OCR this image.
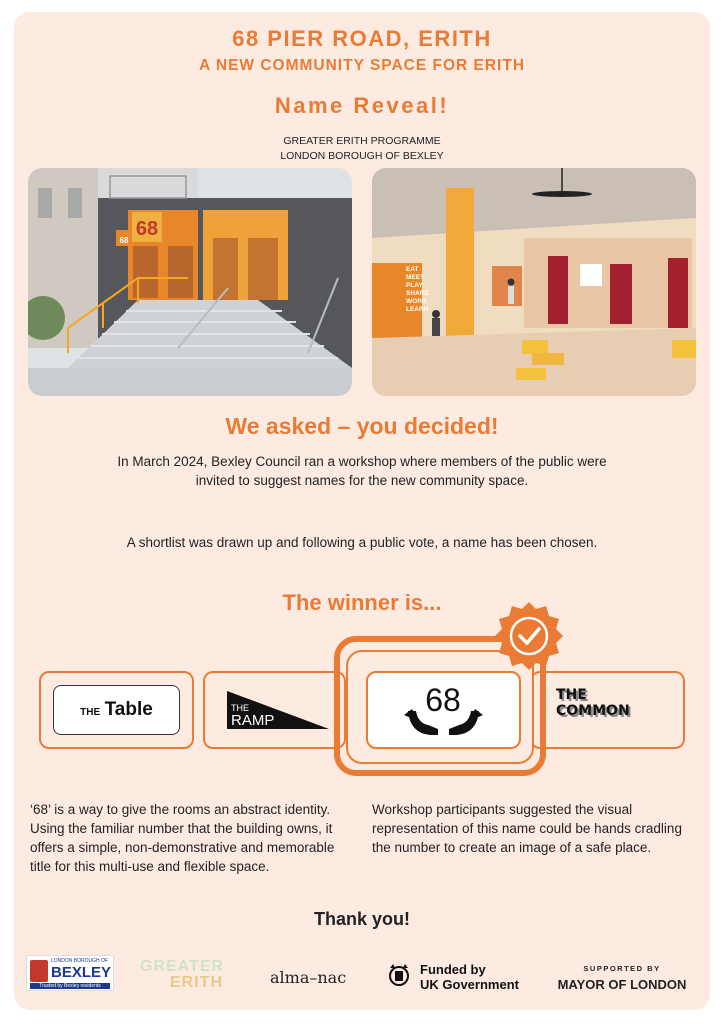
68 PIER ROAD, ERITH
A NEW COMMUNITY SPACE FOR ERITH
Name Reveal!
GREATER ERITH PROGRAMME
LONDON BOROUGH OF BEXLEY
68
68
EAT
MEET
PLAY
SHARE
WORK
LEARN
We asked – you decided!
In March 2024, Bexley Council ran a workshop where members of the public were invited to suggest names for the new community space.
A shortlist was drawn up and following a public vote, a name has been chosen.
The winner is...
THE Table	THE
RAMP
THE
COMMON
68
‘68’ is a way to give the rooms an abstract identity. Using the familiar number that the building owns, it offers a simple, non-demonstrative and memorable title for this multi-use and flexible space.
Workshop participants suggested the visual representation of this name could be hands cradling the number to create an image of a safe place.
Thank you!
LONDON BOROUGH OF
BEXLEY
Trusted by Bexley residents
GREATER
ERITH	alma–nac	Funded by
UK Government
SUPPORTED BY
MAYOR OF LONDON
